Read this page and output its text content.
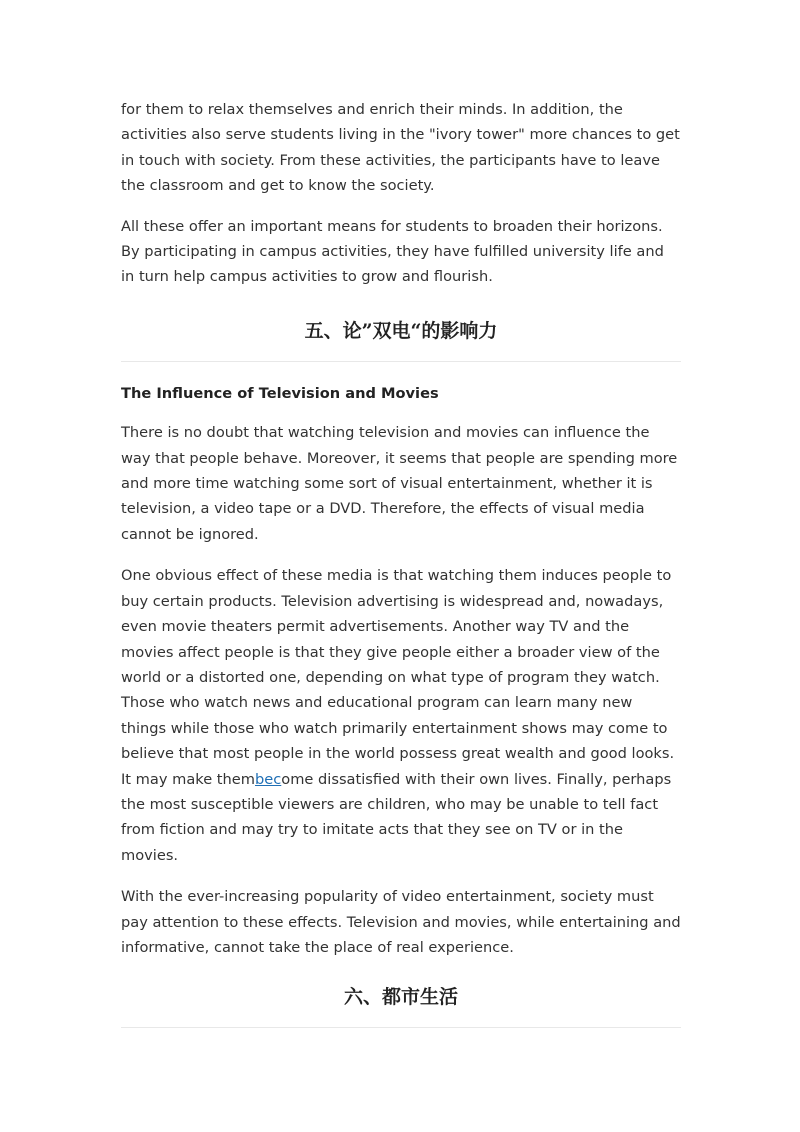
for them to relax themselves and enrich their minds. In addition, the activities also serve students living in the "ivory tower" more chances to get in touch with society. From these activities, the participants have to leave the classroom and get to know the society.

All these offer an important means for students to broaden their horizons. By participating in campus activities, they have fulfilled university life and in turn help campus activities to grow and flourish.

五、论”双电“的影响力
The Influence of Television and Movies

There is no doubt that watching television and movies can influence the way that people behave. Moreover, it seems that people are spending more and more time watching some sort of visual entertainment, whether it is television, a video tape or a DVD. Therefore, the effects of visual media cannot be ignored.

One obvious effect of these media is that watching them induces people to buy certain products. Television advertising is widespread and, nowadays, even movie theaters permit advertisements. Another way TV and the movies affect people is that they give people either a broader view of the world or a distorted one, depending on what type of program they watch. Those who watch news and educational program can learn many new things while those who watch primarily entertainment shows may come to believe that most people in the world possess great wealth and good looks. It may make thembecome dissatisfied with their own lives. Finally, perhaps the most susceptible viewers are children, who may be unable to tell fact from fiction and may try to imitate acts that they see on TV or in the movies.

With the ever-increasing popularity of video entertainment, society must pay attention to these effects. Television and movies, while entertaining and informative, cannot take the place of real experience.

六、都市生活
